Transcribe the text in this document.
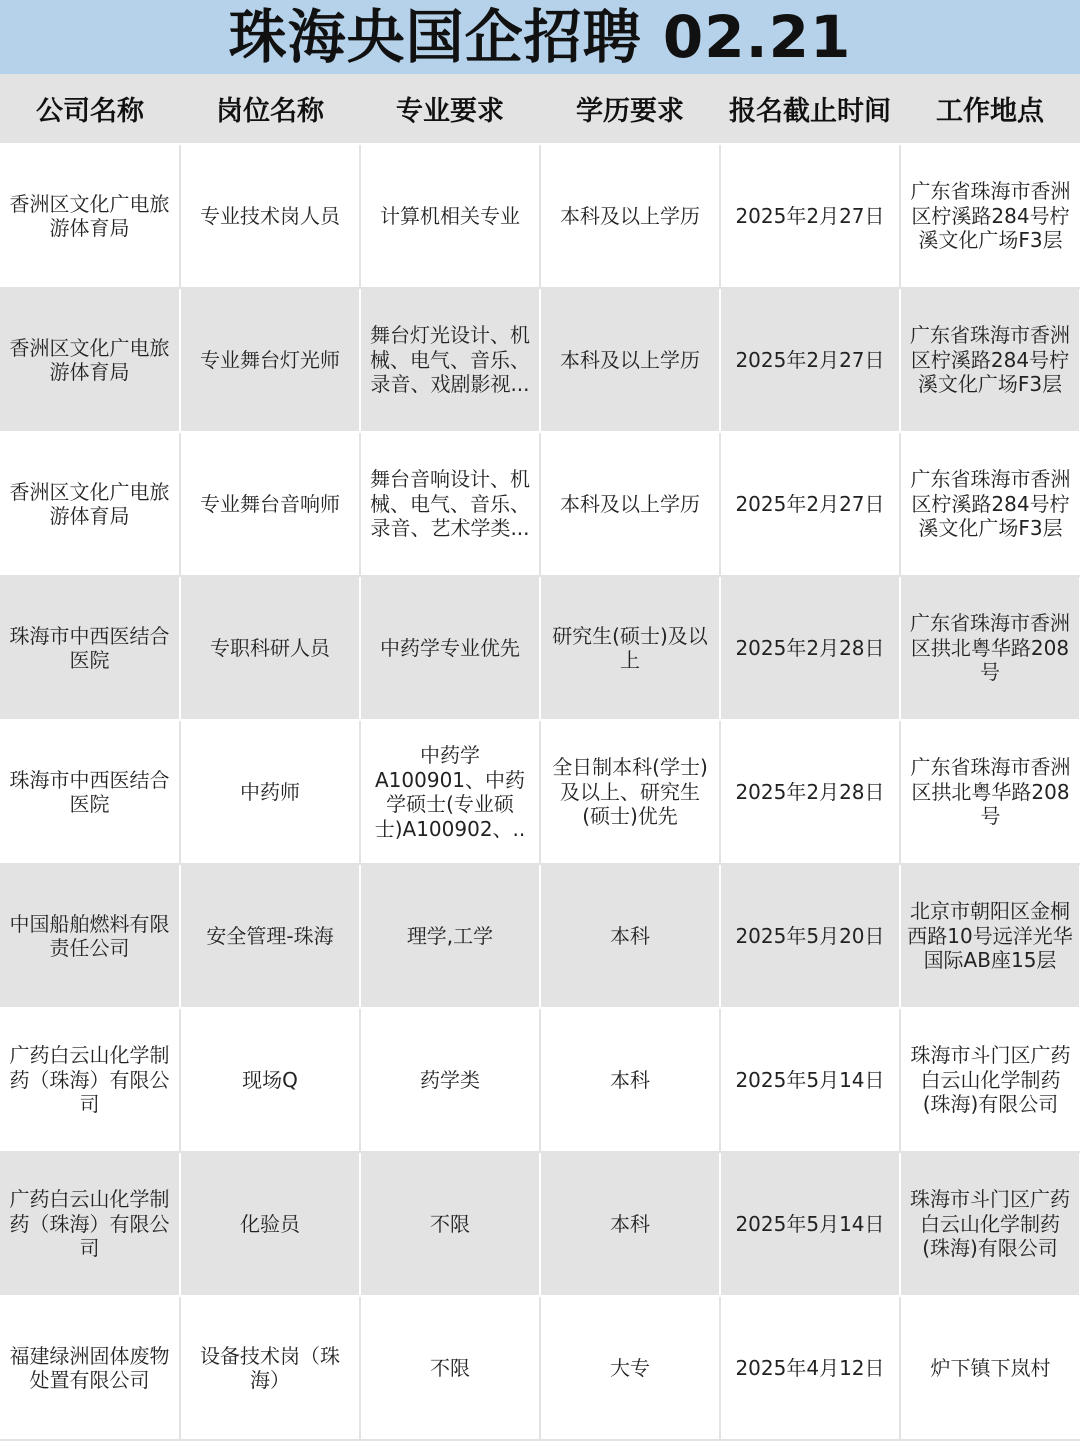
珠海央国企招聘 02.21
公司名称	岗位名称	专业要求	学历要求	报名截止时间	工作地点
香洲区文化广电旅游体育局	专业技术岗人员	计算机相关专业	本科及以上学历	2025年2月27日	广东省珠海市香洲区柠溪路284号柠溪文化广场F3层
香洲区文化广电旅游体育局	专业舞台灯光师	舞台灯光设计、机械、电气、音乐、录音、戏剧影视...	本科及以上学历	2025年2月27日	广东省珠海市香洲区柠溪路284号柠溪文化广场F3层
香洲区文化广电旅游体育局	专业舞台音响师	舞台音响设计、机械、电气、音乐、录音、艺术学类...	本科及以上学历	2025年2月27日	广东省珠海市香洲区柠溪路284号柠溪文化广场F3层
珠海市中西医结合医院	专职科研人员	中药学专业优先	研究生(硕士)及以上	2025年2月28日	广东省珠海市香洲区拱北粤华路208号
珠海市中西医结合医院	中药师	中药学A100901、中药学硕士(专业硕士)A100902、..	全日制本科(学士)及以上、研究生(硕士)优先	2025年2月28日	广东省珠海市香洲区拱北粤华路208号
中国船舶燃料有限责任公司	安全管理-珠海	理学,工学	本科	2025年5月20日	北京市朝阳区金桐西路10号远洋光华国际AB座15层
广药白云山化学制药（珠海）有限公司	现场Q	药学类	本科	2025年5月14日	珠海市斗门区广药白云山化学制药(珠海)有限公司
广药白云山化学制药（珠海）有限公司	化验员	不限	本科	2025年5月14日	珠海市斗门区广药白云山化学制药(珠海)有限公司
福建绿洲固体废物处置有限公司	设备技术岗（珠海）	不限	大专	2025年4月12日	炉下镇下岚村
